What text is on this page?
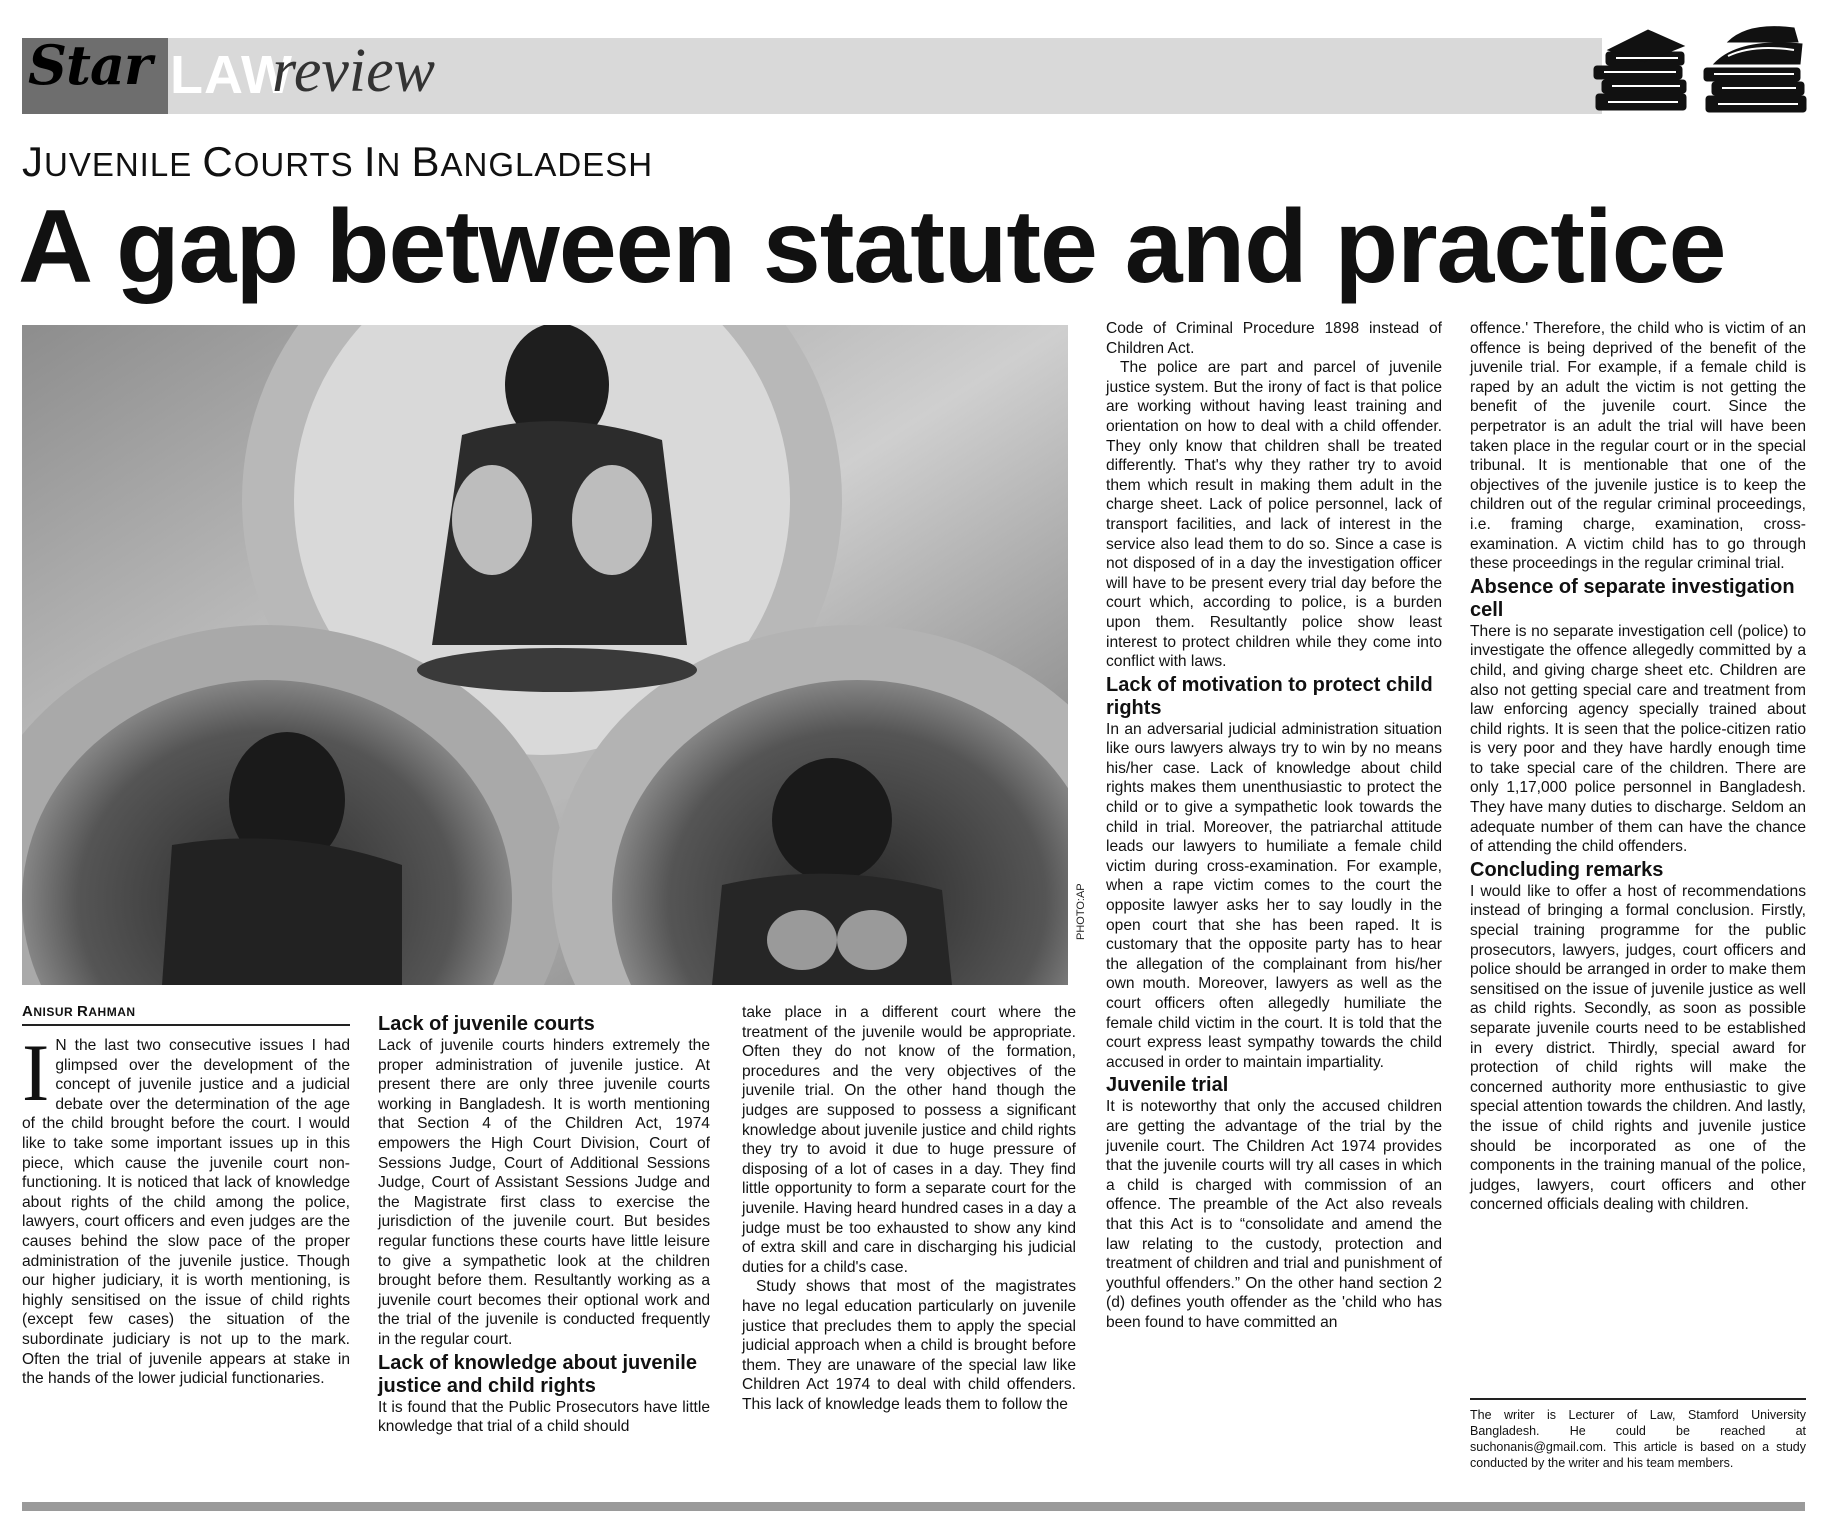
Star LAW
review
JUVENILE COURTS IN BANGLADESH
A gap between statute and practice
PHOTO:AP
ANISUR RAHMAN
I N the last two consecutive issues I had glimpsed over the development of the concept of juvenile justice and a judicial debate over the determination of the age of the child brought before the court. I would like to take some important issues up in this piece, which cause the juvenile court non-functioning. It is noticed that lack of knowledge about rights of the child among the police, lawyers, court officers and even judges are the causes behind the slow pace of the proper administration of the juvenile justice. Though our higher judiciary, it is worth mentioning, is highly sensitised on the issue of child rights (except few cases) the situation of the subordinate judiciary is not up to the mark. Often the trial of juvenile appears at stake in the hands of the lower judicial functionaries.

Lack of juvenile courts

Lack of juvenile courts hinders extremely the proper administration of juvenile justice. At present there are only three juvenile courts working in Bangladesh. It is worth mentioning that Section 4 of the Children Act, 1974 empowers the High Court Division, Court of Sessions Judge, Court of Additional Sessions Judge, Court of Assistant Sessions Judge and the Magistrate first class to exercise the jurisdiction of the juvenile court. But besides regular functions these courts have little leisure to give a sympathetic look at the children brought before them. Resultantly working as a juvenile court becomes their optional work and the trial of the juvenile is conducted frequently in the regular court.

Lack of knowledge about juvenile justice and child rights

It is found that the Public Prosecutors have little knowledge that trial of a child should

take place in a different court where the treatment of the juvenile would be appropriate. Often they do not know of the formation, procedures and the very objectives of the juvenile trial. On the other hand though the judges are supposed to possess a significant knowledge about juvenile justice and child rights they try to avoid it due to huge pressure of disposing of a lot of cases in a day. They find little opportunity to form a separate court for the juvenile. Having heard hundred cases in a day a judge must be too exhausted to show any kind of extra skill and care in discharging his judicial duties for a child's case.

Study shows that most of the magistrates have no legal education particularly on juvenile justice that precludes them to apply the special judicial approach when a child is brought before them. They are unaware of the special law like Children Act 1974 to deal with child offenders. This lack of knowledge leads them to follow the

Code of Criminal Procedure 1898 instead of Children Act.

The police are part and parcel of juvenile justice system. But the irony of fact is that police are working without having least training and orientation on how to deal with a child offender. They only know that children shall be treated differently. That's why they rather try to avoid them which result in making them adult in the charge sheet. Lack of police personnel, lack of transport facilities, and lack of interest in the service also lead them to do so. Since a case is not disposed of in a day the investigation officer will have to be present every trial day before the court which, according to police, is a burden upon them. Resultantly police show least interest to protect children while they come into conflict with laws.

Lack of motivation to protect child rights

In an adversarial judicial administration situation like ours lawyers always try to win by no means his/her case. Lack of knowledge about child rights makes them unenthusiastic to protect the child or to give a sympathetic look towards the child in trial. Moreover, the patriarchal attitude leads our lawyers to humiliate a female child victim during cross-examination. For example, when a rape victim comes to the court the opposite lawyer asks her to say loudly in the open court that she has been raped. It is customary that the opposite party has to hear the allegation of the complainant from his/her own mouth. Moreover, lawyers as well as the court officers often allegedly humiliate the female child victim in the court. It is told that the court express least sympathy towards the child accused in order to maintain impartiality.

Juvenile trial

It is noteworthy that only the accused children are getting the advantage of the trial by the juvenile court. The Children Act 1974 provides that the juvenile courts will try all cases in which a child is charged with commission of an offence. The preamble of the Act also reveals that this Act is to “consolidate and amend the law relating to the custody, protection and treatment of children and trial and punishment of youthful offenders.” On the other hand section 2 (d) defines youth offender as the 'child who has been found to have committed an

offence.' Therefore, the child who is victim of an offence is being deprived of the benefit of the juvenile trial. For example, if a female child is raped by an adult the victim is not getting the benefit of the juvenile court. Since the perpetrator is an adult the trial will have been taken place in the regular court or in the special tribunal. It is mentionable that one of the objectives of the juvenile justice is to keep the children out of the regular criminal proceedings, i.e. framing charge, examination, cross-examination. A victim child has to go through these proceedings in the regular criminal trial.

Absence of separate investigation cell

There is no separate investigation cell (police) to investigate the offence allegedly committed by a child, and giving charge sheet etc. Children are also not getting special care and treatment from law enforcing agency specially trained about child rights. It is seen that the police-citizen ratio is very poor and they have hardly enough time to take special care of the children. There are only 1,17,000 police personnel in Bangladesh. They have many duties to discharge. Seldom an adequate number of them can have the chance of attending the child offenders.

Concluding remarks

I would like to offer a host of recommendations instead of bringing a formal conclusion. Firstly, special training programme for the public prosecutors, lawyers, judges, court officers and police should be arranged in order to make them sensitised on the issue of juvenile justice as well as child rights. Secondly, as soon as possible separate juvenile courts need to be established in every district. Thirdly, special award for protection of child rights will make the concerned authority more enthusiastic to give special attention towards the children. And lastly, the issue of child rights and juvenile justice should be incorporated as one of the components in the training manual of the police, judges, lawyers, court officers and other concerned officials dealing with children.

The writer is Lecturer of Law, Stamford University Bangladesh. He could be reached at suchonanis@gmail.com. This article is based on a study conducted by the writer and his team members.
